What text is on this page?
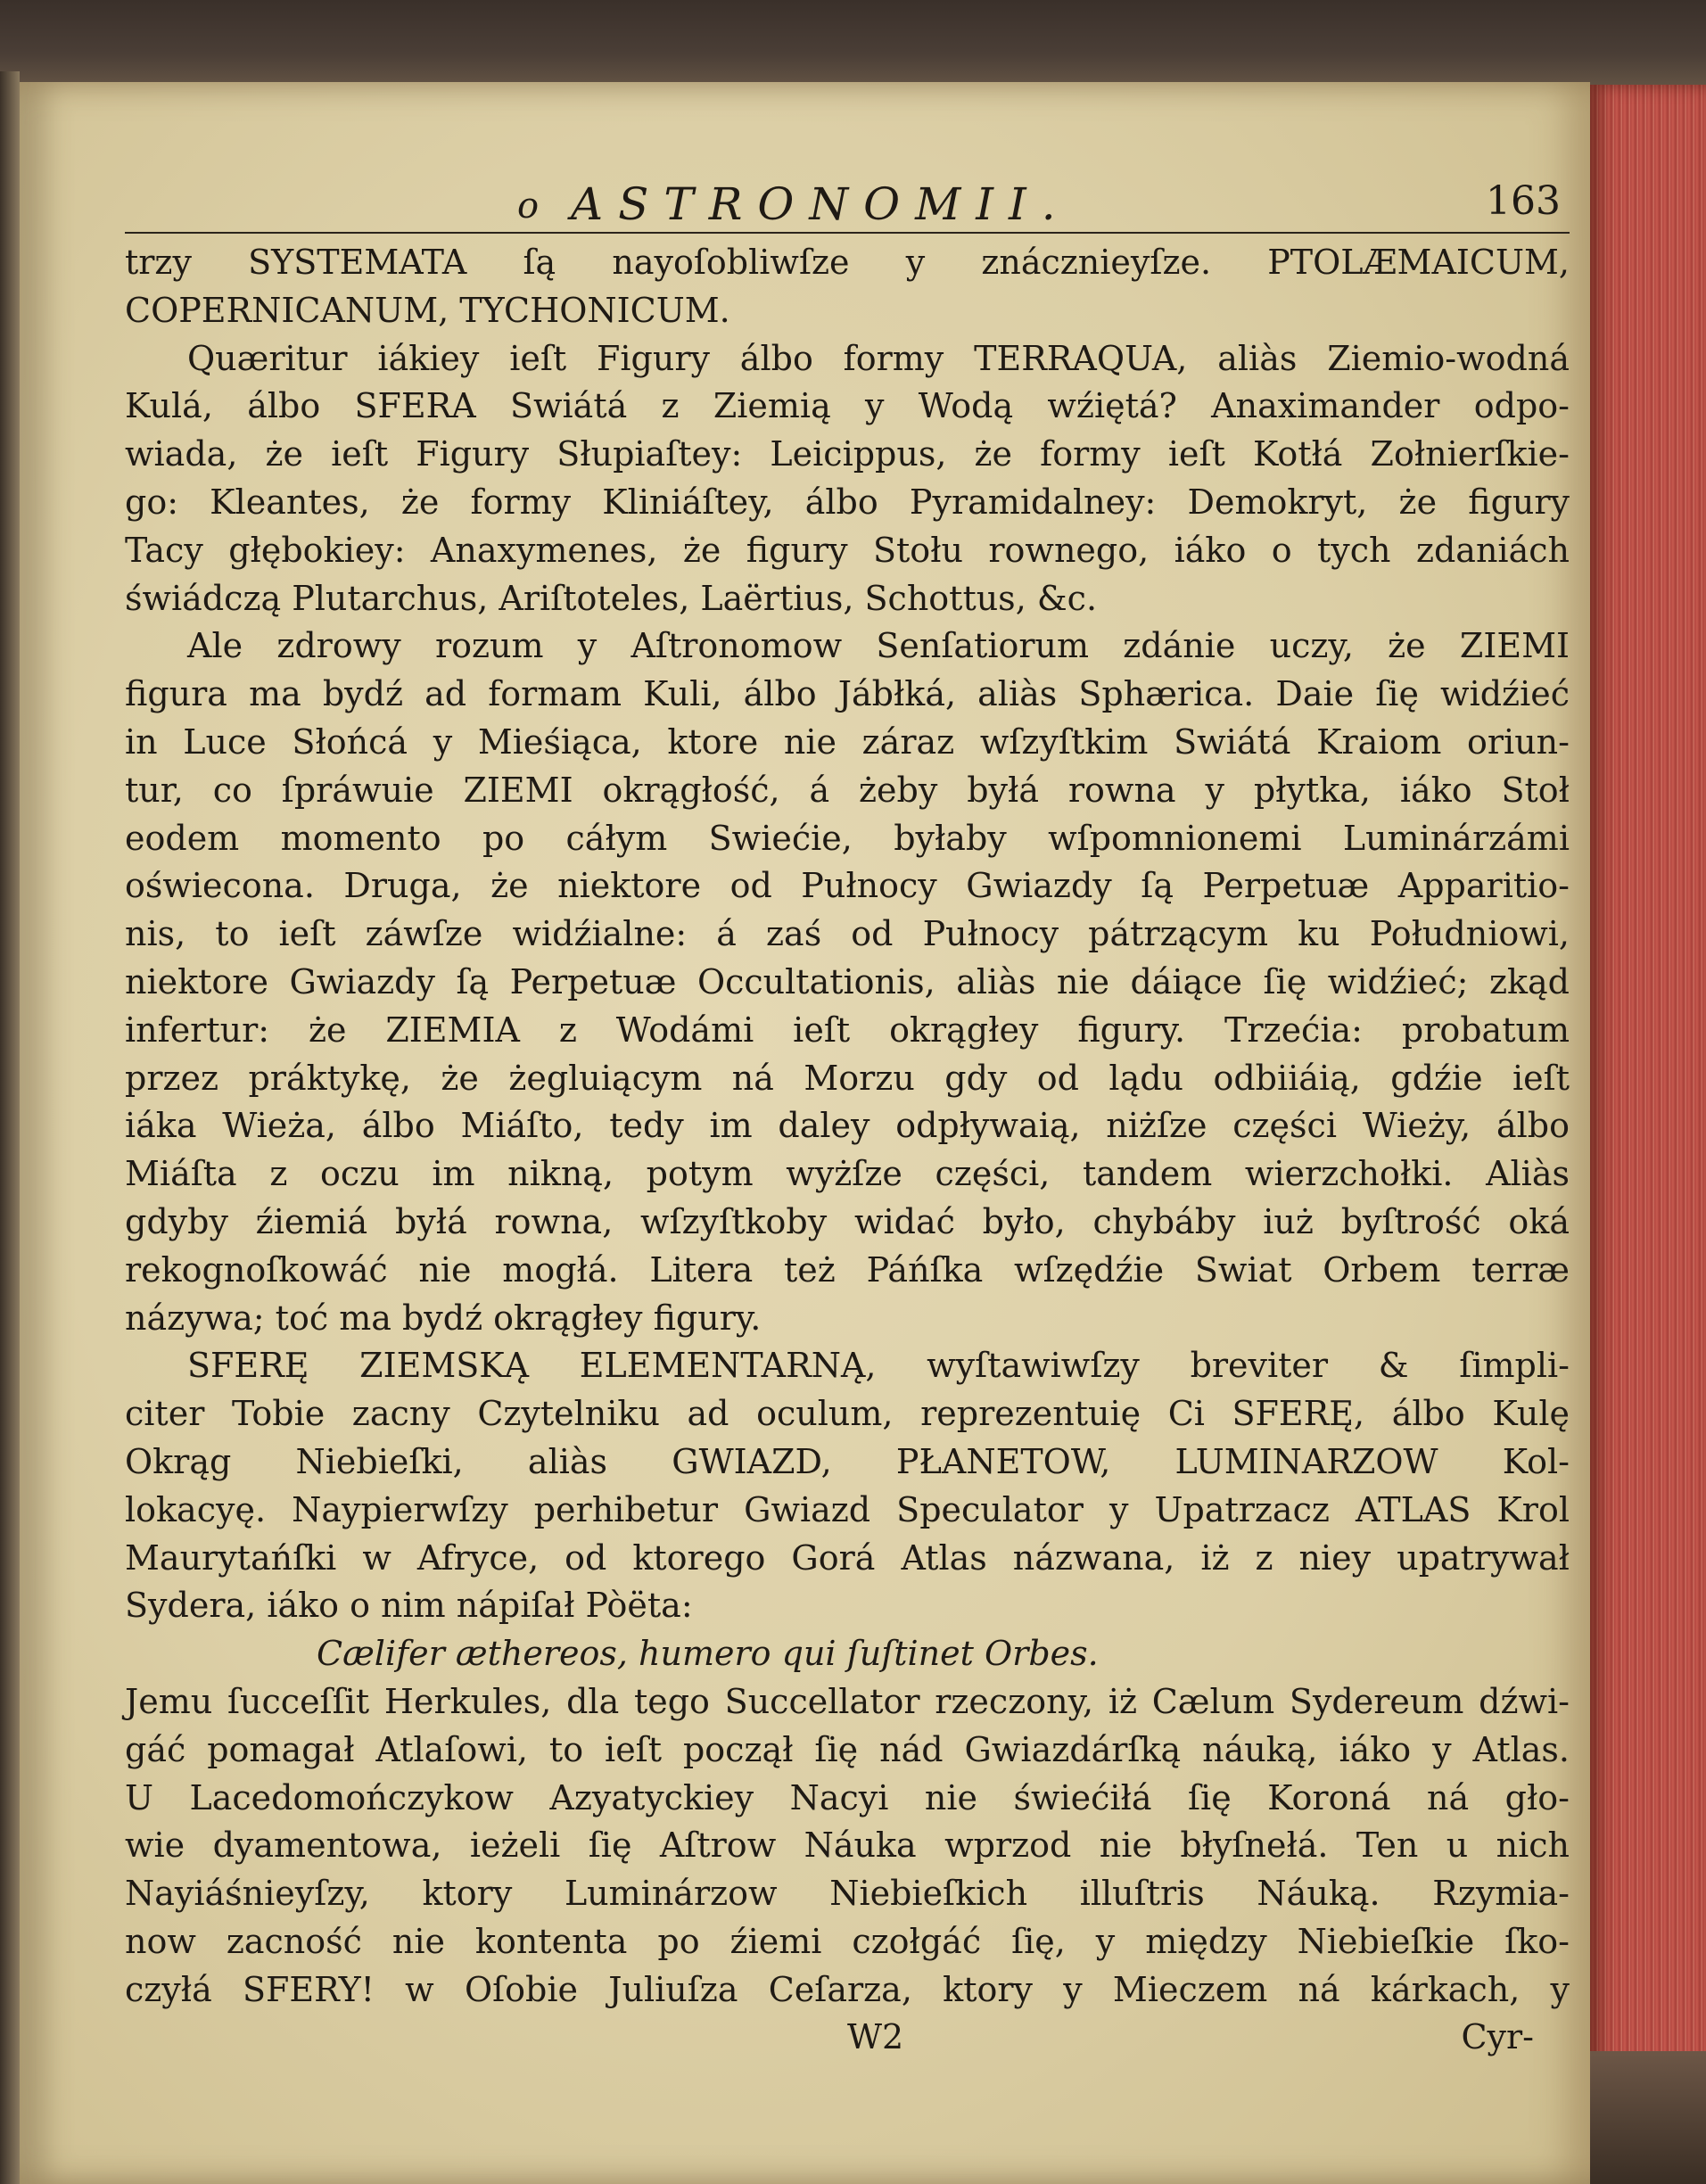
o ASTRONOMII.	163
trzy SYSTEMATA ſą nayoſobliwſze y znácznieyſze. PTOLÆMAICUM,
COPERNICANUM, TYCHONICUM.
Quæritur iákiey ieſt Figury álbo formy TERRAQUA, aliàs Ziemio-wodná
Kulá, álbo SFERA Swiátá z Ziemią y Wodą wźiętá? Anaximander odpo-
wiada, że ieſt Figury Słupiaſtey: Leicippus, że formy ieſt Kotłá Zołnierſkie-
go: Kleantes, że formy Kliniáſtey, álbo Pyramidalney: Demokryt, że figury
Tacy głębokiey: Anaxymenes, że figury Stołu rownego, iáko o tych zdaniách
świádczą Plutarchus, Ariſtoteles, Laërtius, Schottus, &c.
Ale zdrowy rozum y Aſtronomow Senſatiorum zdánie uczy, że ZIEMI
figura ma bydź ad formam Kuli, álbo Jábłká, aliàs Sphærica. Daie ſię widźieć
in Luce Słońcá y Mieśiąca, ktore nie záraz wſzyſtkim Swiátá Kraiom oriun-
tur, co ſpráwuie ZIEMI okrągłość, á żeby byłá rowna y płytka, iáko Stoł
eodem momento po cáłym Swiećie, byłaby wſpomnionemi Luminárzámi
oświecona. Druga, że niektore od Pułnocy Gwiazdy ſą Perpetuæ Apparitio-
nis, to ieſt záwſze widźialne: á zaś od Pułnocy pátrzącym ku Południowi,
niektore Gwiazdy ſą Perpetuæ Occultationis, aliàs nie dáiące ſię widźieć; zkąd
infertur: że ZIEMIA z Wodámi ieſt okrągłey figury. Trzećia: probatum
przez práktykę, że żegluiącym ná Morzu gdy od lądu odbiiáią, gdźie ieſt
iáka Wieża, álbo Miáſto, tedy im daley odpływaią, niżſze części Wieży, álbo
Miáſta z oczu im nikną, potym wyżſze części, tandem wierzchołki. Aliàs
gdyby źiemiá byłá rowna, wſzyſtkoby widać było, chybáby iuż byſtrość oká
rekognoſkowáć nie mogłá. Litera też Páńſka wſzędźie Swiat Orbem terræ
názywa; toć ma bydź okrągłey figury.
SFERĘ ZIEMSKĄ ELEMENTARNĄ, wyſtawiwſzy breviter & ſimpli-
citer Tobie zacny Czytelniku ad oculum, reprezentuię Ci SFERĘ, álbo Kulę
Okrąg Niebieſki, aliàs GWIAZD, PŁANETOW, LUMINARZOW Kol-
lokacyę. Naypierwſzy perhibetur Gwiazd Speculator y Upatrzacz ATLAS Krol
Maurytańſki w Afryce, od ktorego Gorá Atlas názwana, iż z niey upatrywał
Sydera, iáko o nim nápiſał Pòëta:
Cælifer æthereos, humero qui ſuſtinet Orbes.
Jemu ſucceſſit Herkules, dla tego Succellator rzeczony, iż Cælum Sydereum dźwi-
gáć pomagał Atlaſowi, to ieſt począł ſię nád Gwiazdárſką náuką, iáko y Atlas.
U Lacedomończykow Azyatyckiey Nacyi nie świećiłá ſię Koroná ná gło-
wie dyamentowa, ieżeli ſię Aſtrow Náuka wprzod nie błyſnełá. Ten u nich
Nayiáśnieyſzy, ktory Luminárzow Niebieſkich illuſtris Náuką. Rzymia-
now zacność nie kontenta po źiemi czołgáć ſię, y między Niebieſkie ſko-
czyłá SFERY! w Oſobie Juliuſza Ceſarza, ktory y Mieczem ná kárkach, y
W2	Cyr-
